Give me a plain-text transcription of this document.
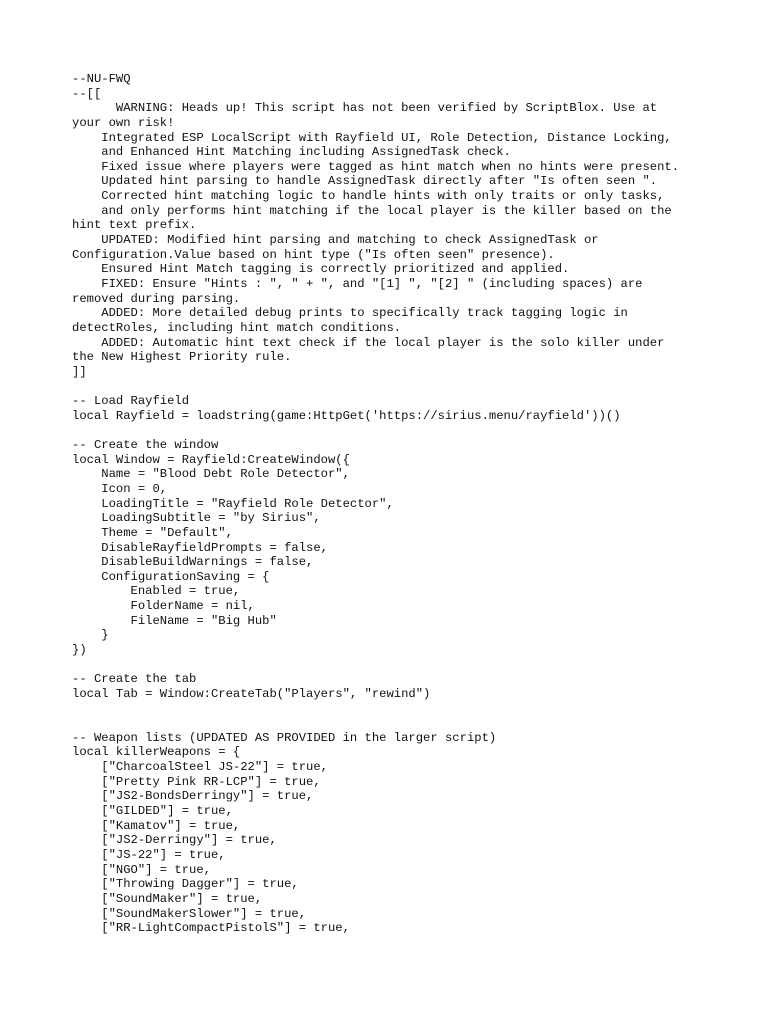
--NU-FWQ
--[[
WARNING: Heads up! This script has not been verified by ScriptBlox. Use at
your own risk!
Integrated ESP LocalScript with Rayfield UI, Role Detection, Distance Locking,
and Enhanced Hint Matching including AssignedTask check.
Fixed issue where players were tagged as hint match when no hints were present.
Updated hint parsing to handle AssignedTask directly after "Is often seen ".
Corrected hint matching logic to handle hints with only traits or only tasks,
and only performs hint matching if the local player is the killer based on the
hint text prefix.
UPDATED: Modified hint parsing and matching to check AssignedTask or
Configuration.Value based on hint type ("Is often seen" presence).
Ensured Hint Match tagging is correctly prioritized and applied.
FIXED: Ensure "Hints : ", " + ", and "[1] ", "[2] " (including spaces) are
removed during parsing.
ADDED: More detailed debug prints to specifically track tagging logic in
detectRoles, including hint match conditions.
ADDED: Automatic hint text check if the local player is the solo killer under
the New Highest Priority rule.
]]
-- Load Rayfield
local Rayfield = loadstring(game:HttpGet('https://sirius.menu/rayfield'))()
-- Create the window
local Window = Rayfield:CreateWindow({
Name = "Blood Debt Role Detector",
Icon = 0,
LoadingTitle = "Rayfield Role Detector",
LoadingSubtitle = "by Sirius",
Theme = "Default",
DisableRayfieldPrompts = false,
DisableBuildWarnings = false,
ConfigurationSaving = {
Enabled = true,
FolderName = nil,
FileName = "Big Hub"
}
})
-- Create the tab
local Tab = Window:CreateTab("Players", "rewind")
-- Weapon lists (UPDATED AS PROVIDED in the larger script)
local killerWeapons = {
["CharcoalSteel JS-22"] = true,
["Pretty Pink RR-LCP"] = true,
["JS2-BondsDerringy"] = true,
["GILDED"] = true,
["Kamatov"] = true,
["JS2-Derringy"] = true,
["JS-22"] = true,
["NGO"] = true,
["Throwing Dagger"] = true,
["SoundMaker"] = true,
["SoundMakerSlower"] = true,
["RR-LightCompactPistolS"] = true,
